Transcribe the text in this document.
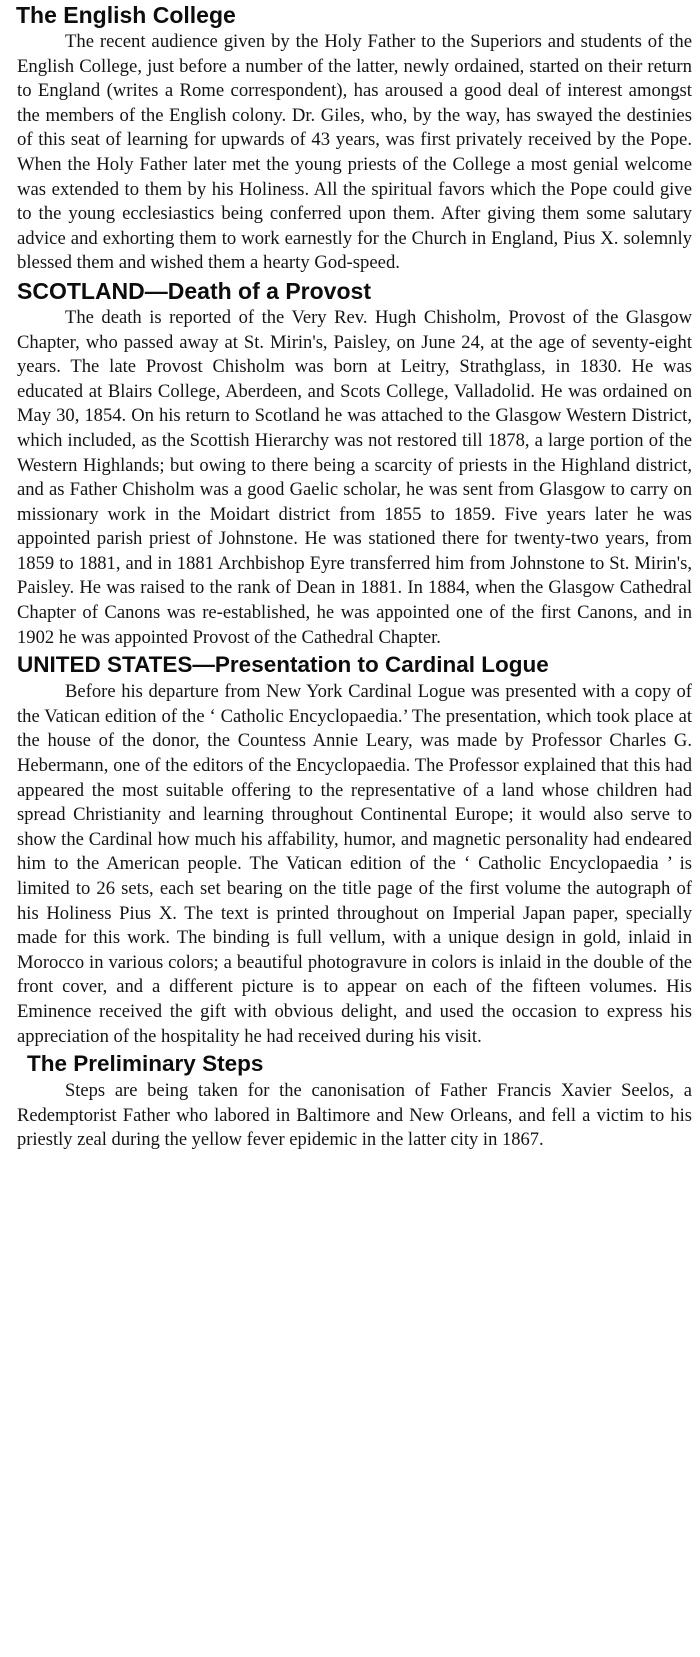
The English College

The recent audience given by the Holy Father to the Superiors and students of the English College, just before a number of the latter, newly ordained, started on their return to England (writes a Rome correspondent), has aroused a good deal of interest amongst the members of the English colony. Dr. Giles, who, by the way, has swayed the destinies of this seat of learning for upwards of 43 years, was first privately received by the Pope. When the Holy Father later met the young priests of the College a most genial welcome was extended to them by his Holiness. All the spiritual favors which the Pope could give to the young ecclesiastics being conferred upon them. After giving them some salutary advice and exhorting them to work earnestly for the Church in England, Pius X. solemnly blessed them and wished them a hearty God-speed.

SCOTLAND—Death of a Provost

The death is reported of the Very Rev. Hugh Chisholm, Provost of the Glasgow Chapter, who passed away at St. Mirin's, Paisley, on June 24, at the age of seventy-eight years. The late Provost Chisholm was born at Leitry, Strathglass, in 1830. He was educated at Blairs College, Aberdeen, and Scots College, Valladolid. He was ordained on May 30, 1854. On his return to Scotland he was attached to the Glasgow Western District, which included, as the Scottish Hierarchy was not restored till 1878, a large portion of the Western Highlands; but owing to there being a scarcity of priests in the Highland district, and as Father Chisholm was a good Gaelic scholar, he was sent from Glasgow to carry on missionary work in the Moidart district from 1855 to 1859. Five years later he was appointed parish priest of Johnstone. He was stationed there for twenty-two years, from 1859 to 1881, and in 1881 Archbishop Eyre transferred him from Johnstone to St. Mirin's, Paisley. He was raised to the rank of Dean in 1881. In 1884, when the Glasgow Cathedral Chapter of Canons was re-established, he was appointed one of the first Canons, and in 1902 he was appointed Provost of the Cathedral Chapter.

UNITED STATES—Presentation to Cardinal Logue

Before his departure from New York Cardinal Logue was presented with a copy of the Vatican edition of the ‘ Catholic Encyclopaedia.’ The presentation, which took place at the house of the donor, the Countess Annie Leary, was made by Professor Charles G. Hebermann, one of the editors of the Encyclopaedia. The Professor explained that this had appeared the most suitable offering to the representative of a land whose children had spread Christianity and learning throughout Continental Europe; it would also serve to show the Cardinal how much his affability, humor, and magnetic personality had endeared him to the American people. The Vatican edition of the ‘ Catholic Encyclopaedia ’ is limited to 26 sets, each set bearing on the title page of the first volume the autograph of his Holiness Pius X. The text is printed throughout on Imperial Japan paper, specially made for this work. The binding is full vellum, with a unique design in gold, inlaid in Morocco in various colors; a beautiful photogravure in colors is inlaid in the double of the front cover, and a different picture is to appear on each of the fifteen volumes. His Eminence received the gift with obvious delight, and used the occasion to express his appreciation of the hospitality he had received during his visit.

The Preliminary Steps

Steps are being taken for the canonisation of Father Francis Xavier Seelos, a Redemptorist Father who labored in Baltimore and New Orleans, and fell a victim to his priestly zeal during the yellow fever epidemic in the latter city in 1867.
